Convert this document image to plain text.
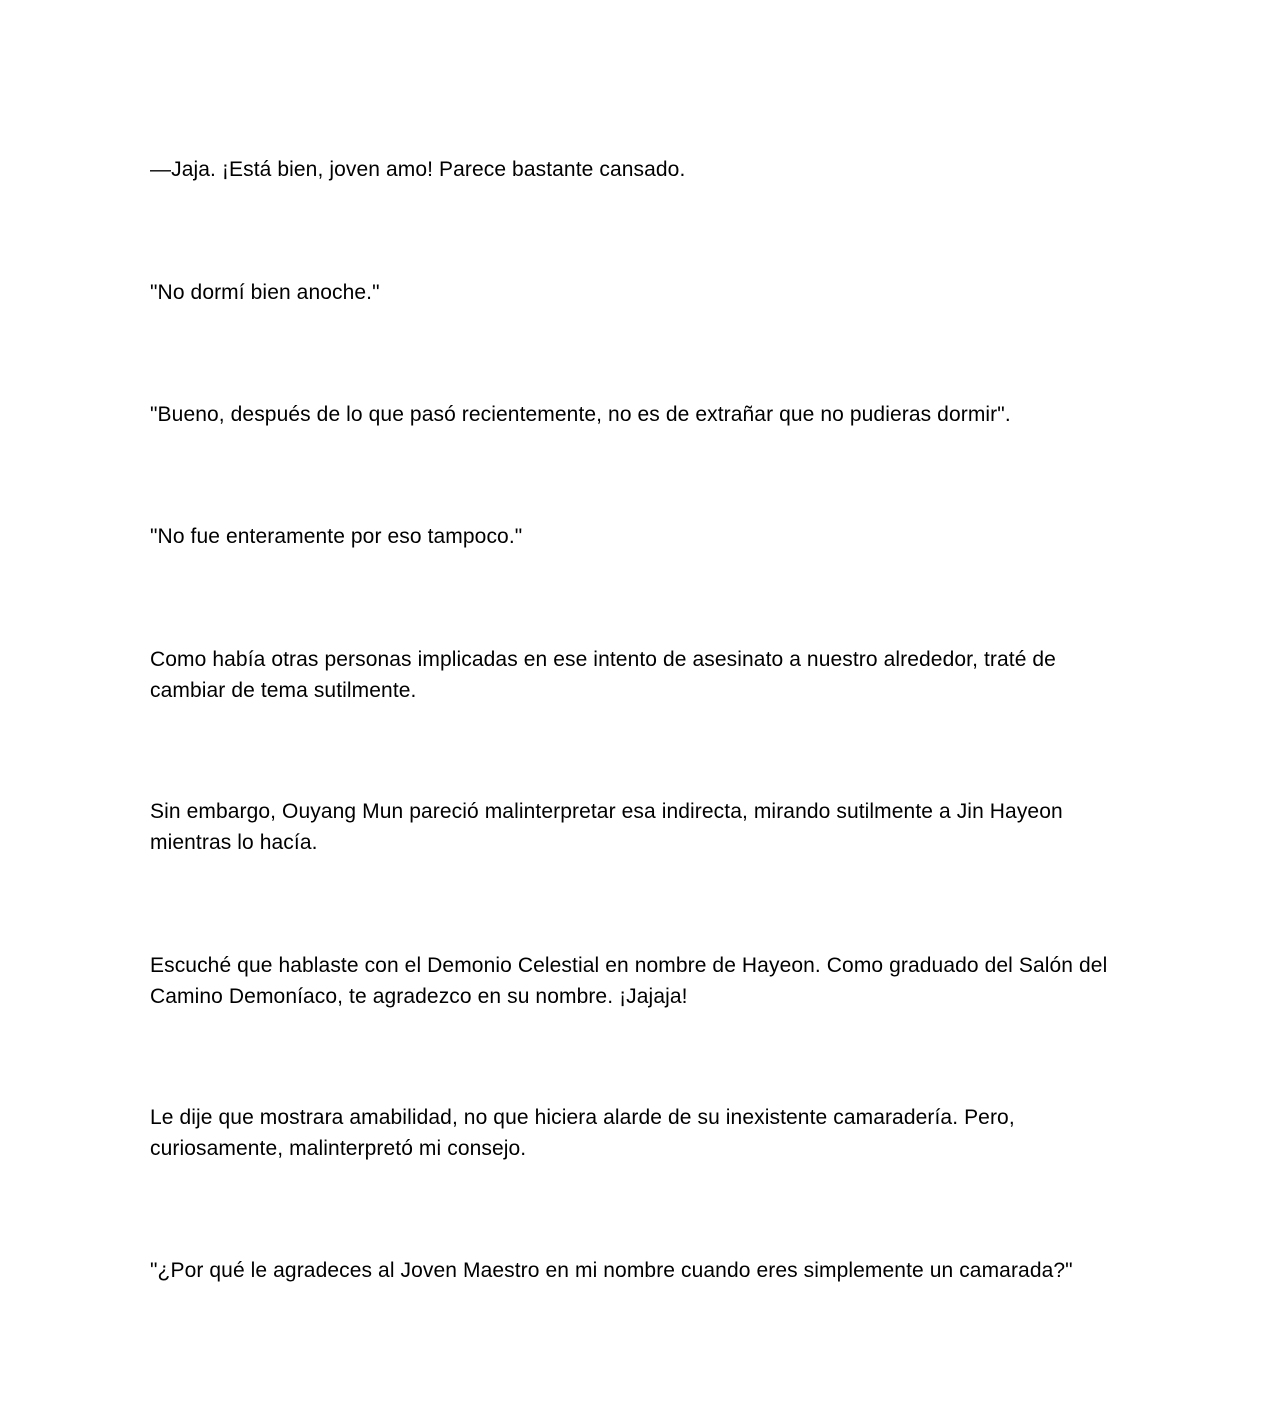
—Jaja. ¡Está bien, joven amo! Parece bastante cansado.

"No dormí bien anoche."

"Bueno, después de lo que pasó recientemente, no es de extrañar que no pudieras dormir".

"No fue enteramente por eso tampoco."

Como había otras personas implicadas en ese intento de asesinato a nuestro alrededor, traté de cambiar de tema sutilmente.

Sin embargo, Ouyang Mun pareció malinterpretar esa indirecta, mirando sutilmente a Jin Hayeon mientras lo hacía.

Escuché que hablaste con el Demonio Celestial en nombre de Hayeon. Como graduado del Salón del Camino Demoníaco, te agradezco en su nombre. ¡Jajaja!

Le dije que mostrara amabilidad, no que hiciera alarde de su inexistente camaradería. Pero, curiosamente, malinterpretó mi consejo.

"¿Por qué le agradeces al Joven Maestro en mi nombre cuando eres simplemente un camarada?"
